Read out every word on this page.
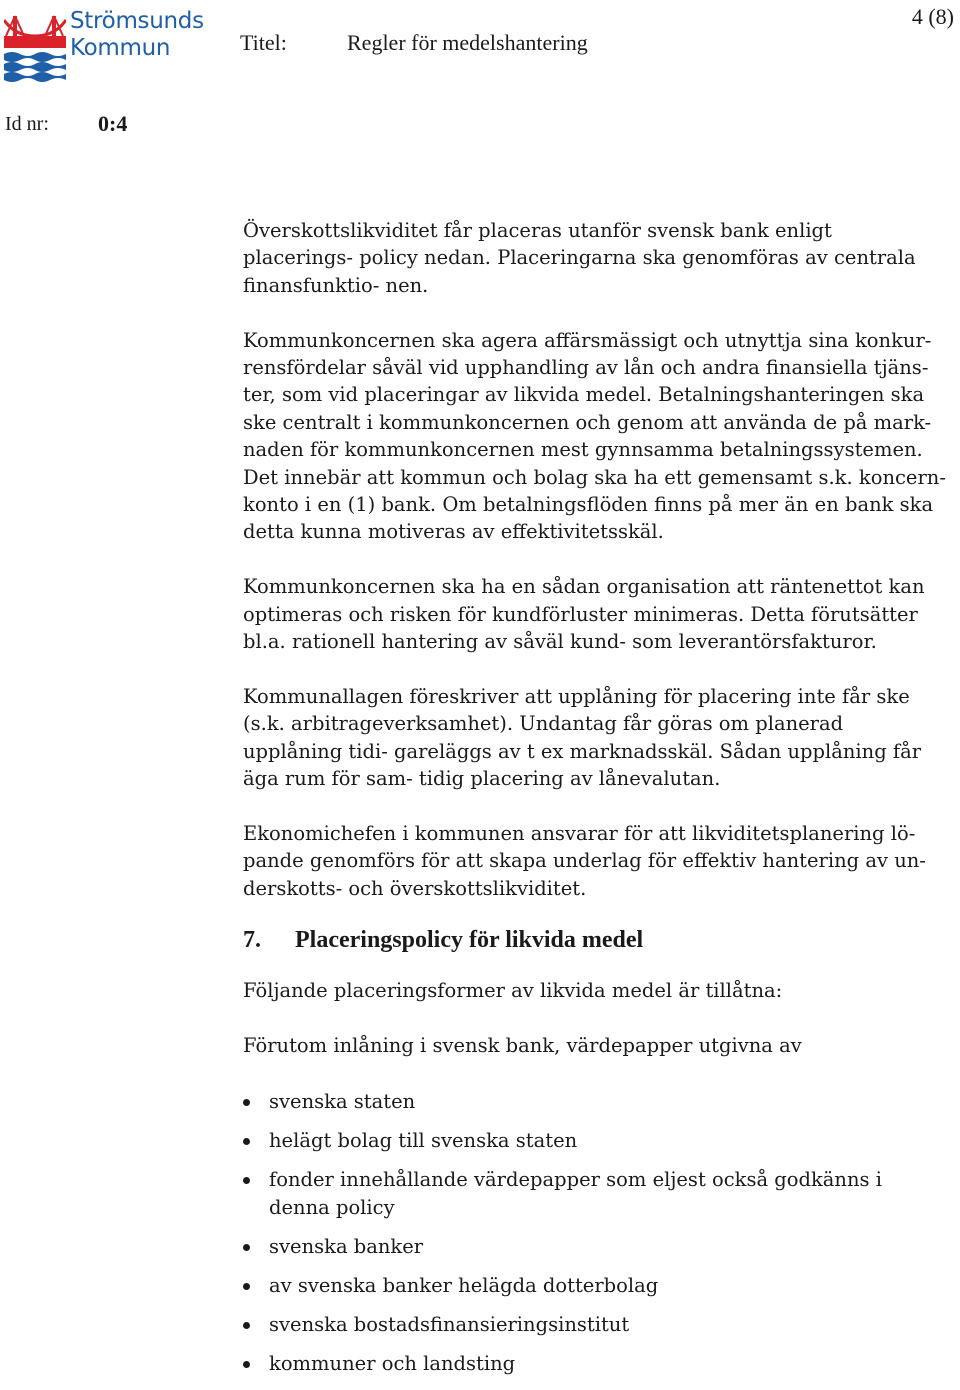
Strömsunds
Kommun	Titel:	Regler för medelshantering
4 (8)
Id nr: 0:4

Överskottslikviditet får placeras utanför svensk bank enligt placerings- policy nedan. Placeringarna ska genomföras av centrala finansfunktio- nen.

Kommunkoncernen ska agera affärsmässigt och utnyttja sina konkur- rensfördelar såväl vid upphandling av lån och andra finansiella tjäns- ter, som vid placeringar av likvida medel. Betalningshanteringen ska ske centralt i kommunkoncernen och genom att använda de på mark- naden för kommunkoncernen mest gynnsamma betalningssystemen. Det innebär att kommun och bolag ska ha ett gemensamt s.k. koncern- konto i en (1) bank. Om betalningsflöden finns på mer än en bank ska detta kunna motiveras av effektivitetsskäl.

Kommunkoncernen ska ha en sådan organisation att räntenettot kan optimeras och risken för kundförluster minimeras. Detta förutsätter bl.a. rationell hantering av såväl kund- som leverantörsfakturor.

Kommunallagen föreskriver att upplåning för placering inte får ske (s.k. arbitrageverksamhet). Undantag får göras om planerad upplåning tidi- gareläggs av t ex marknadsskäl. Sådan upplåning får äga rum för sam- tidig placering av lånevalutan.

Ekonomichefen i kommunen ansvarar för att likviditetsplanering lö- pande genomförs för att skapa underlag för effektiv hantering av un- derskotts- och överskottslikviditet.

7. Placeringspolicy för likvida medel

Följande placeringsformer av likvida medel är tillåtna:

Förutom inlåning i svensk bank, värdepapper utgivna av

svenska staten
helägt bolag till svenska staten
fonder innehållande värdepapper som eljest också godkänns i denna policy
svenska banker
av svenska banker helägda dotterbolag
svenska bostadsfinansieringsinstitut
kommuner och landsting
